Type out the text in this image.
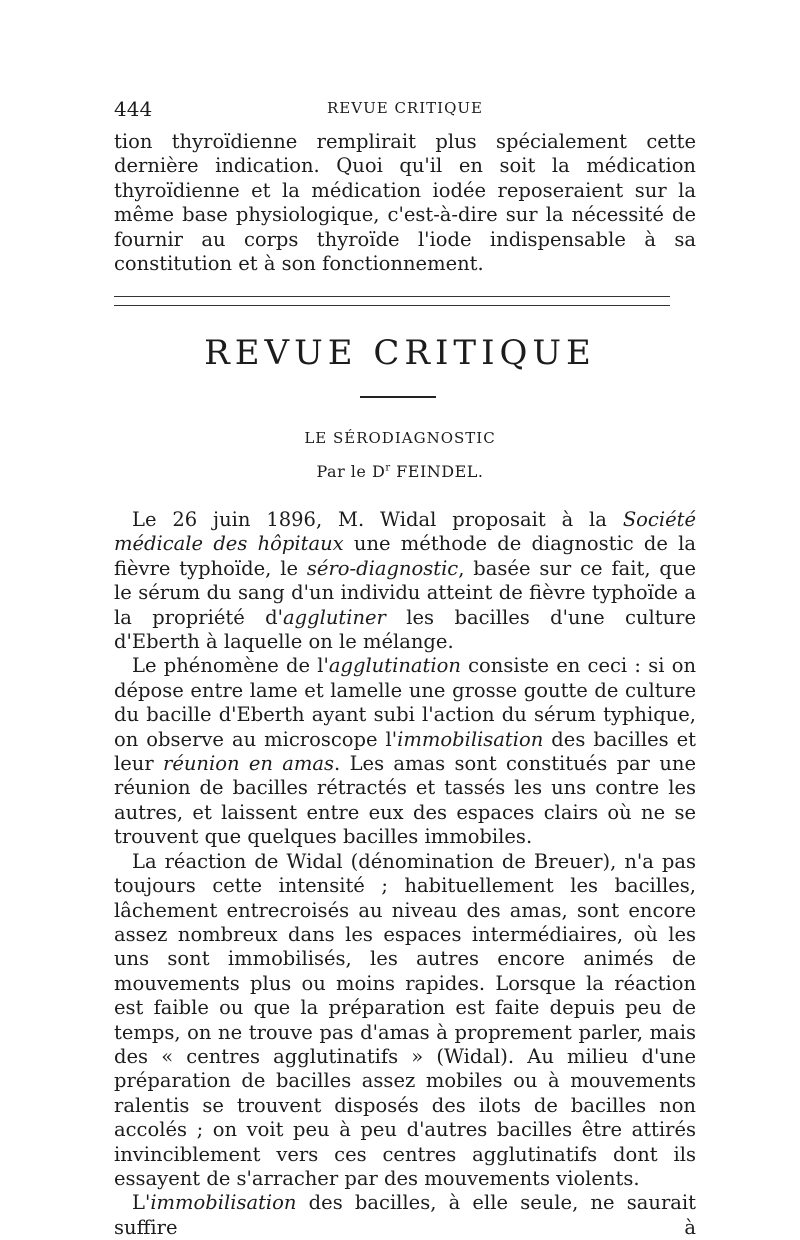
444	REVUE CRITIQUE

tion thyroïdienne remplirait plus spécialement cette dernière indication. Quoi qu'il en soit la médication thyroïdienne et la médication iodée reposeraient sur la même base physiologique, c'est-à-dire sur la nécessité de fournir au corps thyroïde l'iode indispensable à sa constitution et à son fonctionnement.

REVUE CRITIQUE
LE SÉRODIAGNOSTIC
Par le $D^r$ FEINDEL.

Le 26 juin 1896, M. Widal proposait à la Société médicale des hôpitaux une méthode de diagnostic de la fièvre typhoïde, le séro-diagnostic, basée sur ce fait, que le sérum du sang d'un individu atteint de fièvre typhoïde a la propriété d'agglutiner les bacilles d'une culture d'Eberth à laquelle on le mélange.

Le phénomène de l'agglutination consiste en ceci : si on dépose entre lame et lamelle une grosse goutte de culture du bacille d'Eberth ayant subi l'action du sérum typhique, on observe au microscope l'immobilisation des bacilles et leur réunion en amas. Les amas sont constitués par une réunion de bacilles rétractés et tassés les uns contre les autres, et laissent entre eux des espaces clairs où ne se trouvent que quelques bacilles immobiles.

La réaction de Widal (dénomination de Breuer), n'a pas toujours cette intensité ; habituellement les bacilles, lâchement entrecroisés au niveau des amas, sont encore assez nombreux dans les espaces intermédiaires, où les uns sont immobilisés, les autres encore animés de mouvements plus ou moins rapides. Lorsque la réaction est faible ou que la préparation est faite depuis peu de temps, on ne trouve pas d'amas à proprement parler, mais des « centres agglutinatifs » (Widal). Au milieu d'une préparation de bacilles assez mobiles ou à mouvements ralentis se trouvent disposés des ilots de bacilles non accolés ; on voit peu à peu d'autres bacilles être attirés invinciblement vers ces centres agglutinatifs dont ils essayent de s'arracher par des mouvements violents.

L'immobilisation des bacilles, à elle seule, ne saurait suffire à
